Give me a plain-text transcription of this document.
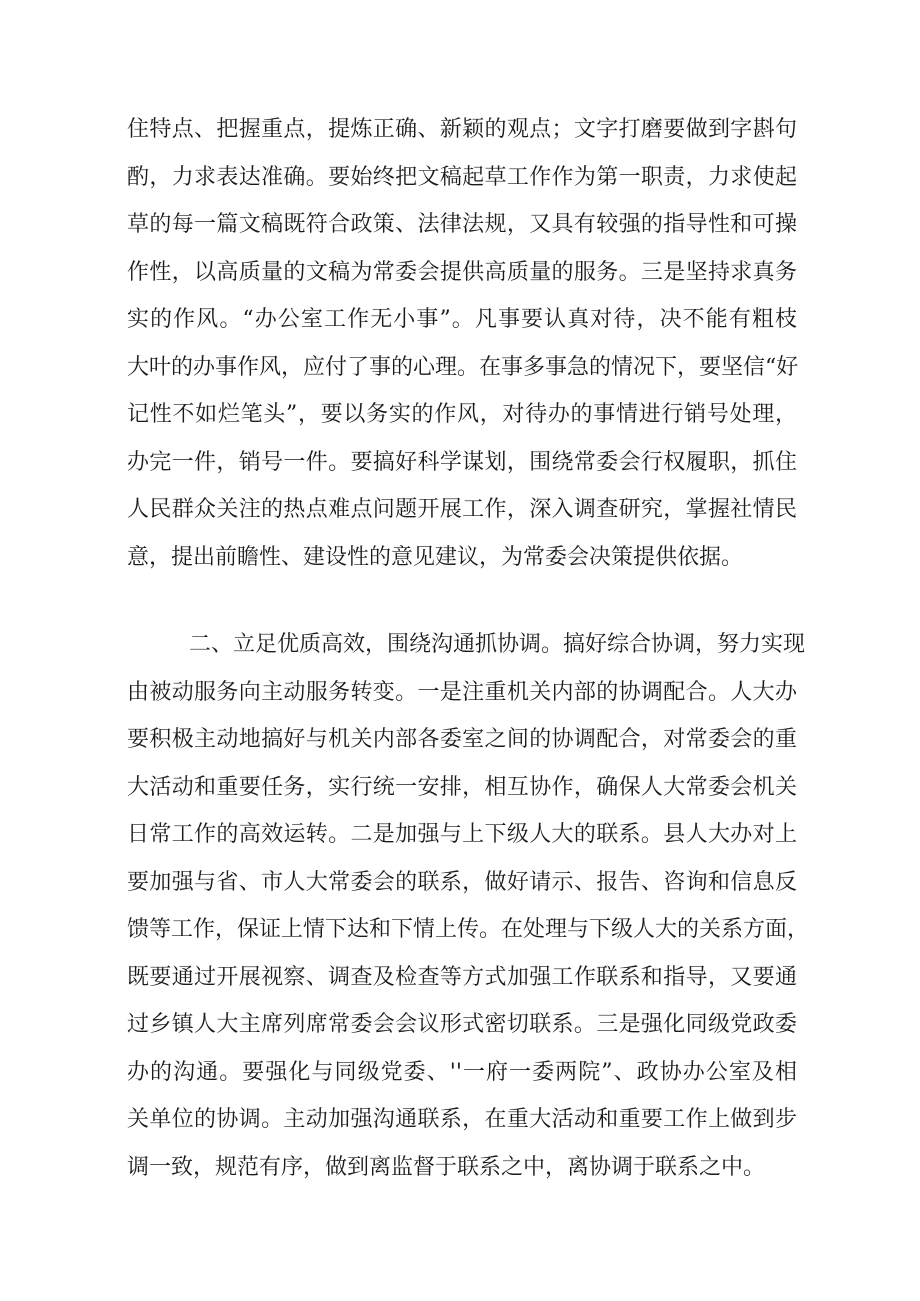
住特点、把握重点，提炼正确、新颖的观点；文字打磨要做到字斟句
酌，力求表达准确。要始终把文稿起草工作作为第一职责，力求使起
草的每一篇文稿既符合政策、法律法规，又具有较强的指导性和可操
作性，以高质量的文稿为常委会提供高质量的服务。三是坚持求真务
实的作风。“办公室工作无小事”。凡事要认真对待，决不能有粗枝
大叶的办事作风，应付了事的心理。在事多事急的情况下，要坚信“好
记性不如烂笔头”，要以务实的作风，对待办的事情进行销号处理，
办完一件，销号一件。要搞好科学谋划，围绕常委会行权履职，抓住
人民群众关注的热点难点问题开展工作，深入调查研究，掌握社情民
意，提出前瞻性、建设性的意见建议，为常委会决策提供依据。
二、立足优质高效，围绕沟通抓协调。搞好综合协调，努力实现
由被动服务向主动服务转变。一是注重机关内部的协调配合。人大办
要积极主动地搞好与机关内部各委室之间的协调配合，对常委会的重
大活动和重要任务，实行统一安排，相互协作，确保人大常委会机关
日常工作的高效运转。二是加强与上下级人大的联系。县人大办对上
要加强与省、市人大常委会的联系，做好请示、报告、咨询和信息反
馈等工作，保证上情下达和下情上传。在处理与下级人大的关系方面，
既要通过开展视察、调查及检查等方式加强工作联系和指导，又要通
过乡镇人大主席列席常委会会议形式密切联系。三是强化同级党政委
办的沟通。要强化与同级党委、''一府一委两院”、政协办公室及相
关单位的协调。主动加强沟通联系，在重大活动和重要工作上做到步
调一致，规范有序，做到离监督于联系之中，离协调于联系之中。
